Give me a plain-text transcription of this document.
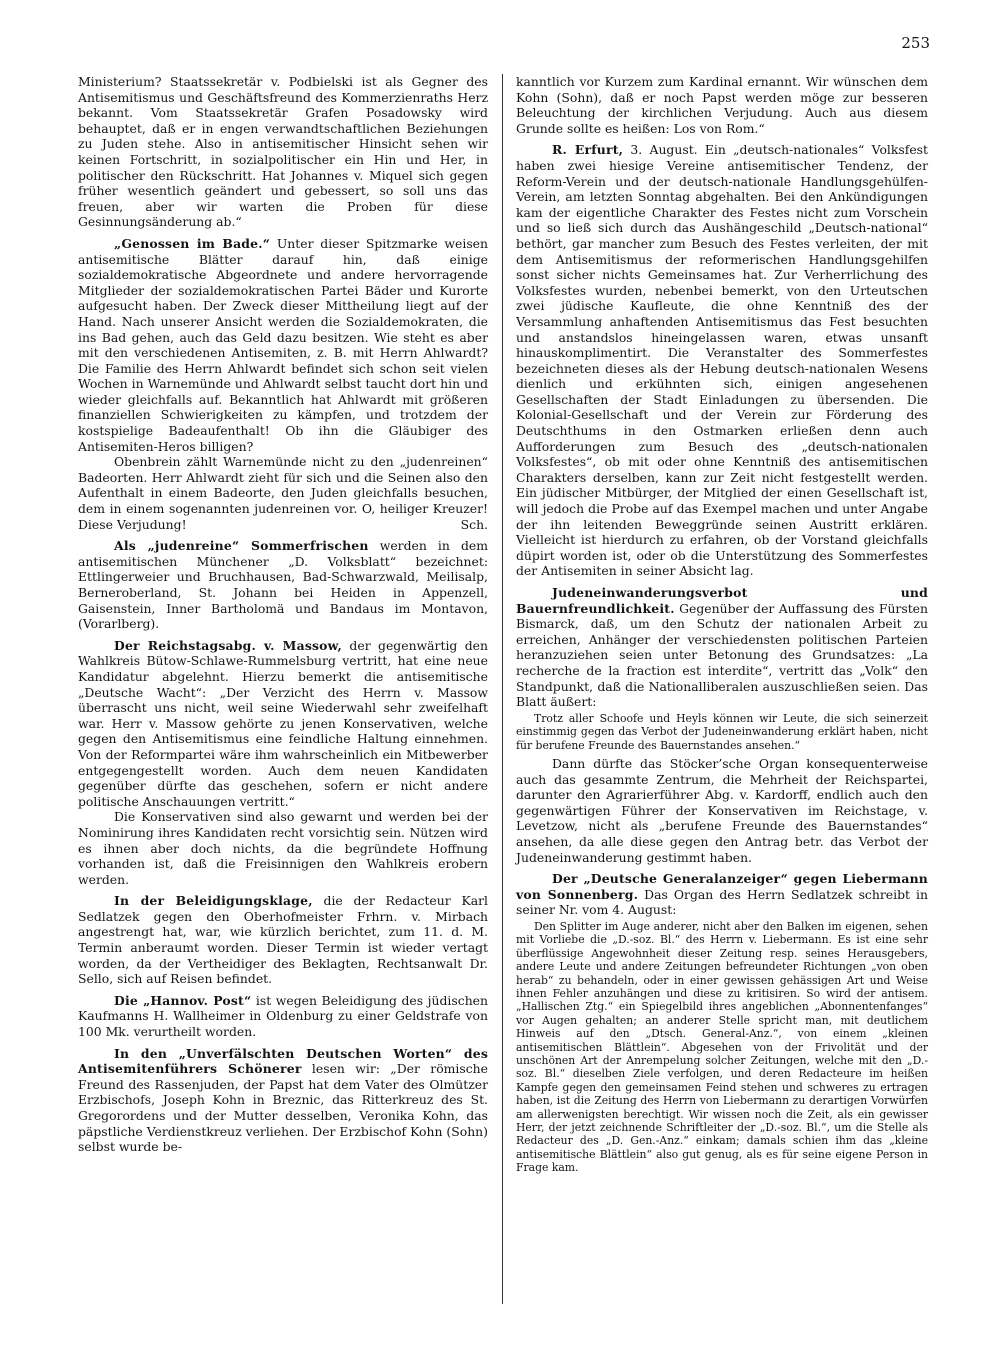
253

Ministerium? Staatssekretär v. Podbielski ist als Gegner des Antisemitismus und Geschäftsfreund des Kommerzienraths Herz bekannt. Vom Staatssekretär Grafen Posadowsky wird behauptet, daß er in engen verwandtschaftlichen Beziehungen zu Juden stehe. Also in antisemitischer Hinsicht sehen wir keinen Fortschritt, in sozialpolitischer ein Hin und Her, in politischer den Rückschritt. Hat Johannes v. Miquel sich gegen früher wesentlich geändert und gebessert, so soll uns das freuen, aber wir warten die Proben für diese Gesinnungsänderung ab.“

„Genossen im Bade.“ Unter dieser Spitzmarke weisen antisemitische Blätter darauf hin, daß einige sozialdemokratische Abgeordnete und andere hervorragende Mitglieder der sozialdemokratischen Partei Bäder und Kurorte aufgesucht haben. Der Zweck dieser Mittheilung liegt auf der Hand. Nach unserer Ansicht werden die Sozialdemokraten, die ins Bad gehen, auch das Geld dazu besitzen. Wie steht es aber mit den verschiedenen Antisemiten, z. B. mit Herrn Ahlwardt? Die Familie des Herrn Ahlwardt befindet sich schon seit vielen Wochen in Warnemünde und Ahlwardt selbst taucht dort hin und wieder gleichfalls auf. Bekanntlich hat Ahlwardt mit größeren finanziellen Schwierigkeiten zu kämpfen, und trotzdem der kostspielige Badeaufenthalt! Ob ihn die Gläubiger des Antisemiten-Heros billigen?

Obenbrein zählt Warnemünde nicht zu den „judenreinen“ Badeorten. Herr Ahlwardt zieht für sich und die Seinen also den Aufenthalt in einem Badeorte, den Juden gleichfalls besuchen, dem in einem sogenannten judenreinen vor. O, heiliger Kreuzer! Diese Verjudung!	Sch.

Als „judenreine“ Sommerfrischen werden in dem antisemitischen Münchener „D. Volksblatt“ bezeichnet: Ettlingerweier und Bruchhausen, Bad-Schwarzwald, Meilisalp, Berneroberland, St. Johann bei Heiden in Appenzell, Gaisenstein, Inner Bartholomä und Bandaus im Montavon, (Vorarlberg).

Der Reichstagsabg. v. Massow, der gegenwärtig den Wahlkreis Bütow-Schlawe-Rummelsburg vertritt, hat eine neue Kandidatur abgelehnt. Hierzu bemerkt die antisemitische „Deutsche Wacht“: „Der Verzicht des Herrn v. Massow überrascht uns nicht, weil seine Wiederwahl sehr zweifelhaft war. Herr v. Massow gehörte zu jenen Konservativen, welche gegen den Antisemitismus eine feindliche Haltung einnehmen. Von der Reformpartei wäre ihm wahrscheinlich ein Mitbewerber entgegengestellt worden. Auch dem neuen Kandidaten gegenüber dürfte das geschehen, sofern er nicht andere politische Anschauungen vertritt.“

Die Konservativen sind also gewarnt und werden bei der Nominirung ihres Kandidaten recht vorsichtig sein. Nützen wird es ihnen aber doch nichts, da die begründete Hoffnung vorhanden ist, daß die Freisinnigen den Wahlkreis erobern werden.

In der Beleidigungsklage, die der Redacteur Karl Sedlatzek gegen den Oberhofmeister Frhrn. v. Mirbach angestrengt hat, war, wie kürzlich berichtet, zum 11. d. M. Termin anberaumt worden. Dieser Termin ist wieder vertagt worden, da der Vertheidiger des Beklagten, Rechtsanwalt Dr. Sello, sich auf Reisen befindet.

Die „Hannov. Post“ ist wegen Beleidigung des jüdischen Kaufmanns H. Wallheimer in Oldenburg zu einer Geldstrafe von 100 Mk. verurtheilt worden.

In den „Unverfälschten Deutschen Worten“ des Antisemitenführers Schönerer lesen wir: „Der römische Freund des Rassenjuden, der Papst hat dem Vater des Olmützer Erzbischofs, Joseph Kohn in Breznic, das Ritterkreuz des St. Gregorordens und der Mutter desselben, Veronika Kohn, das päpstliche Verdienstkreuz verliehen. Der Erzbischof Kohn (Sohn) selbst wurde be-

kanntlich vor Kurzem zum Kardinal ernannt. Wir wünschen dem Kohn (Sohn), daß er noch Papst werden möge zur besseren Beleuchtung der kirchlichen Verjudung. Auch aus diesem Grunde sollte es heißen: Los von Rom.“

R. Erfurt, 3. August. Ein „deutsch-nationales“ Volksfest haben zwei hiesige Vereine antisemitischer Tendenz, der Reform-Verein und der deutsch-nationale Handlungsgehülfen-Verein, am letzten Sonntag abgehalten. Bei den Ankündigungen kam der eigentliche Charakter des Festes nicht zum Vorschein und so ließ sich durch das Aushängeschild „Deutsch-national“ bethört, gar mancher zum Besuch des Festes verleiten, der mit dem Antisemitismus der reformerischen Handlungsgehilfen sonst sicher nichts Gemeinsames hat. Zur Verherrlichung des Volksfestes wurden, nebenbei bemerkt, von den Urteutschen zwei jüdische Kaufleute, die ohne Kenntniß des der Versammlung anhaftenden Antisemitismus das Fest besuchten und anstandslos hineingelassen waren, etwas unsanft hinauskomplimentirt. Die Veranstalter des Sommerfestes bezeichneten dieses als der Hebung deutsch-nationalen Wesens dienlich und erkühnten sich, einigen angesehenen Gesellschaften der Stadt Einladungen zu übersenden. Die Kolonial-Gesellschaft und der Verein zur Förderung des Deutschthums in den Ostmarken erließen denn auch Aufforderungen zum Besuch des „deutsch-nationalen Volksfestes“, ob mit oder ohne Kenntniß des antisemitischen Charakters derselben, kann zur Zeit nicht festgestellt werden. Ein jüdischer Mitbürger, der Mitglied der einen Gesellschaft ist, will jedoch die Probe auf das Exempel machen und unter Angabe der ihn leitenden Beweggründe seinen Austritt erklären. Vielleicht ist hierdurch zu erfahren, ob der Vorstand gleichfalls düpirt worden ist, oder ob die Unterstützung des Sommerfestes der Antisemiten in seiner Absicht lag.

Judeneinwanderungsverbot und Bauernfreundlichkeit. Gegenüber der Auffassung des Fürsten Bismarck, daß, um den Schutz der nationalen Arbeit zu erreichen, Anhänger der verschiedensten politischen Parteien heranzuziehen seien unter Betonung des Grundsatzes: „La recherche de la fraction est interdite“, vertritt das „Volk“ den Standpunkt, daß die Nationalliberalen auszuschließen seien. Das Blatt äußert:

Trotz aller Schoofe und Heyls können wir Leute, die sich seinerzeit einstimmig gegen das Verbot der Judeneinwanderung erklärt haben, nicht für berufene Freunde des Bauernstandes ansehen.“

Dann dürfte das Stöcker’sche Organ konsequenterweise auch das gesammte Zentrum, die Mehrheit der Reichspartei, darunter den Agrarierführer Abg. v. Kardorff, endlich auch den gegenwärtigen Führer der Konservativen im Reichstage, v. Levetzow, nicht als „berufene Freunde des Bauernstandes“ ansehen, da alle diese gegen den Antrag betr. das Verbot der Judeneinwanderung gestimmt haben.

Der „Deutsche Generalanzeiger“ gegen Liebermann von Sonnenberg. Das Organ des Herrn Sedlatzek schreibt in seiner Nr. vom 4. August:

Den Splitter im Auge anderer, nicht aber den Balken im eigenen, sehen mit Vorliebe die „D.-soz. Bl.“ des Herrn v. Liebermann. Es ist eine sehr überflüssige Angewohnheit dieser Zeitung resp. seines Herausgebers, andere Leute und andere Zeitungen befreundeter Richtungen „von oben herab“ zu behandeln, oder in einer gewissen gehässigen Art und Weise ihnen Fehler anzuhängen und diese zu kritisiren. So wird der antisem. „Hallischen Ztg.“ ein Spiegelbild ihres angeblichen „Abonnentenfanges“ vor Augen gehalten; an anderer Stelle spricht man, mit deutlichem Hinweis auf den „Dtsch. General-Anz.“, von einem „kleinen antisemitischen Blättlein“. Abgesehen von der Frivolität und der unschönen Art der Anrempelung solcher Zeitungen, welche mit den „D.-soz. Bl.“ dieselben Ziele verfolgen, und deren Redacteure im heißen Kampfe gegen den gemeinsamen Feind stehen und schweres zu ertragen haben, ist die Zeitung des Herrn von Liebermann zu derartigen Vorwürfen am allerwenigsten berechtigt. Wir wissen noch die Zeit, als ein gewisser Herr, der jetzt zeichnende Schriftleiter der „D.-soz. Bl.“, um die Stelle als Redacteur des „D. Gen.-Anz.“ einkam; damals schien ihm das „kleine antisemitische Blättlein“ also gut genug, als es für seine eigene Person in Frage kam.
